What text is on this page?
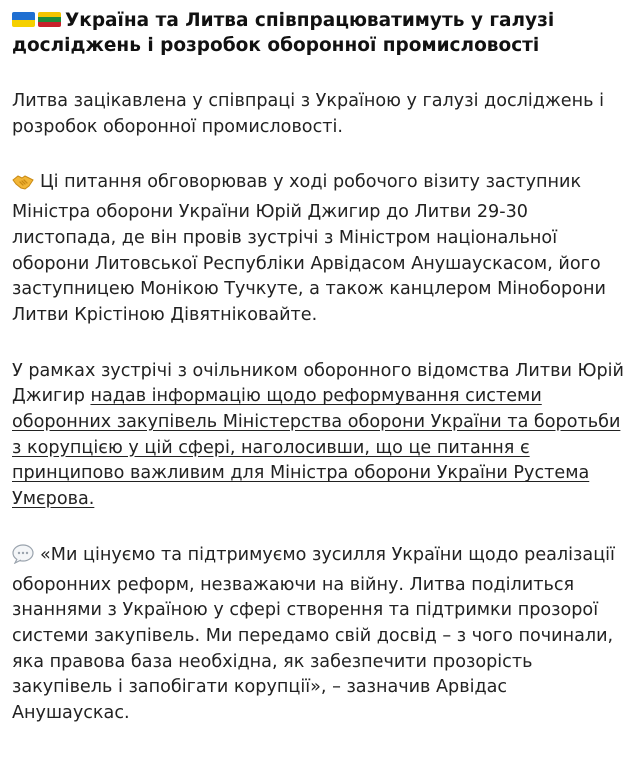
Україна та Литва співпрацюватимуть у галузі досліджень і розробок оборонної промисловості

Литва зацікавлена у співпраці з Україною у галузі досліджень і розробок оборонної промисловості.

Ці питання обговорював у ході робочого візиту заступник Міністра оборони України Юрій Джигир до Литви 29-30 листопада, де він провів зустрічі з Міністром національної оборони Литовської Республіки Арвідасом Анушаускасом, його заступницею Монікою Тучкуте, а також канцлером Міноборони Литви Крістіною Дівятніковайте.

У рамках зустрічі з очільником оборонного відомства Литви Юрій Джигир надав інформацію щодо реформування системи оборонних закупівель Міністерства оборони України та боротьби з корупцією у цій сфері, наголосивши, що це питання є принципово важливим для Міністра оборони України Рустема Умєрова.

«Ми цінуємо та підтримуємо зусилля України щодо реалізації оборонних реформ, незважаючи на війну. Литва поділиться знаннями з Україною у сфері створення та підтримки прозорої системи закупівель. Ми передамо свій досвід – з чого починали, яка правова база необхідна, як забезпечити прозорість закупівель і запобігати корупції», – зазначив Арвідас Анушаускас.
